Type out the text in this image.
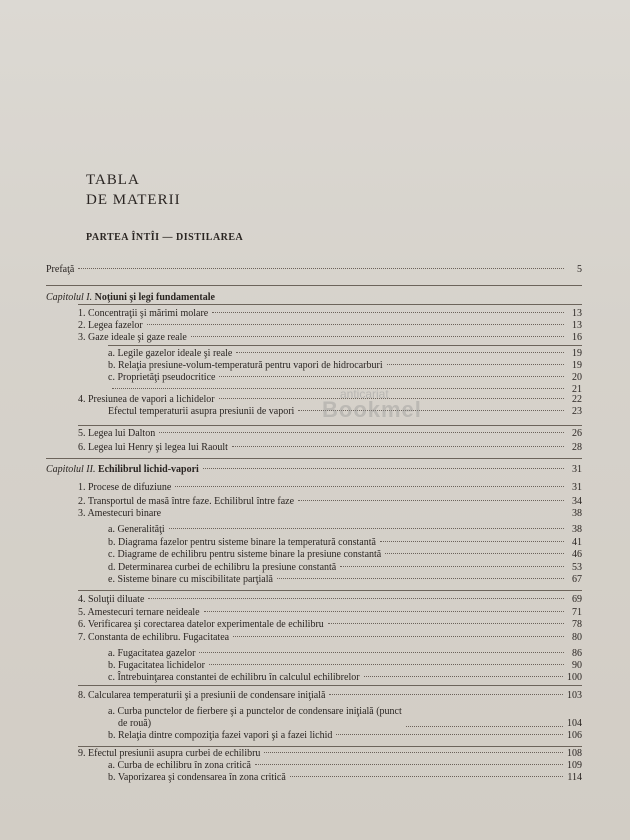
TABLA
DE MATERII
PARTEA ÎNTÎI — DISTILAREA
Prefaţă	5
Capitolul I. Noţiuni şi legi fundamentale
1. Concentraţii şi mărimi molare	13
2. Legea fazelor	13
3. Gaze ideale şi gaze reale	16
a. Legile gazelor ideale şi reale	19
b. Relaţia presiune-volum-temperatură pentru vapori de hidrocarburi	19
c. Proprietăţi pseudocritice	20
21
4. Presiunea de vapori a lichidelor	22
Efectul temperaturii asupra presiunii de vapori	23
5. Legea lui Dalton	26
6. Legea lui Henry şi legea lui Raoult	28
Capitolul II. Echilibrul lichid-vapori	31
1. Procese de difuziune	31
2. Transportul de masă între faze. Echilibrul între faze	34
3. Amestecuri binare	38
a. Generalităţi	38
b. Diagrama fazelor pentru sisteme binare la temperatură constantă	41
c. Diagrame de echilibru pentru sisteme binare la presiune constantă	46
d. Determinarea curbei de echilibru la presiune constantă	53
e. Sisteme binare cu miscibilitate parţială	67
4. Soluţii diluate	69
5. Amestecuri ternare neideale	71
6. Verificarea şi corectarea datelor experimentale de echilibru	78
7. Constanta de echilibru. Fugacitatea	80
a. Fugacitatea gazelor	86
b. Fugacitatea lichidelor	90
c. Întrebuinţarea constantei de echilibru în calculul echilibrelor	100
8. Calcularea temperaturii şi a presiunii de condensare iniţială	103
a. Curba punctelor de fierbere şi a punctelor de condensare iniţială (punct
de rouă)	104
b. Relaţia dintre compoziţia fazei vapori şi a fazei lichid	106
9. Efectul presiunii asupra curbei de echilibru	108
a. Curba de echilibru în zona critică	109
b. Vaporizarea şi condensarea în zona critică	114
anticariat
Bookmel
